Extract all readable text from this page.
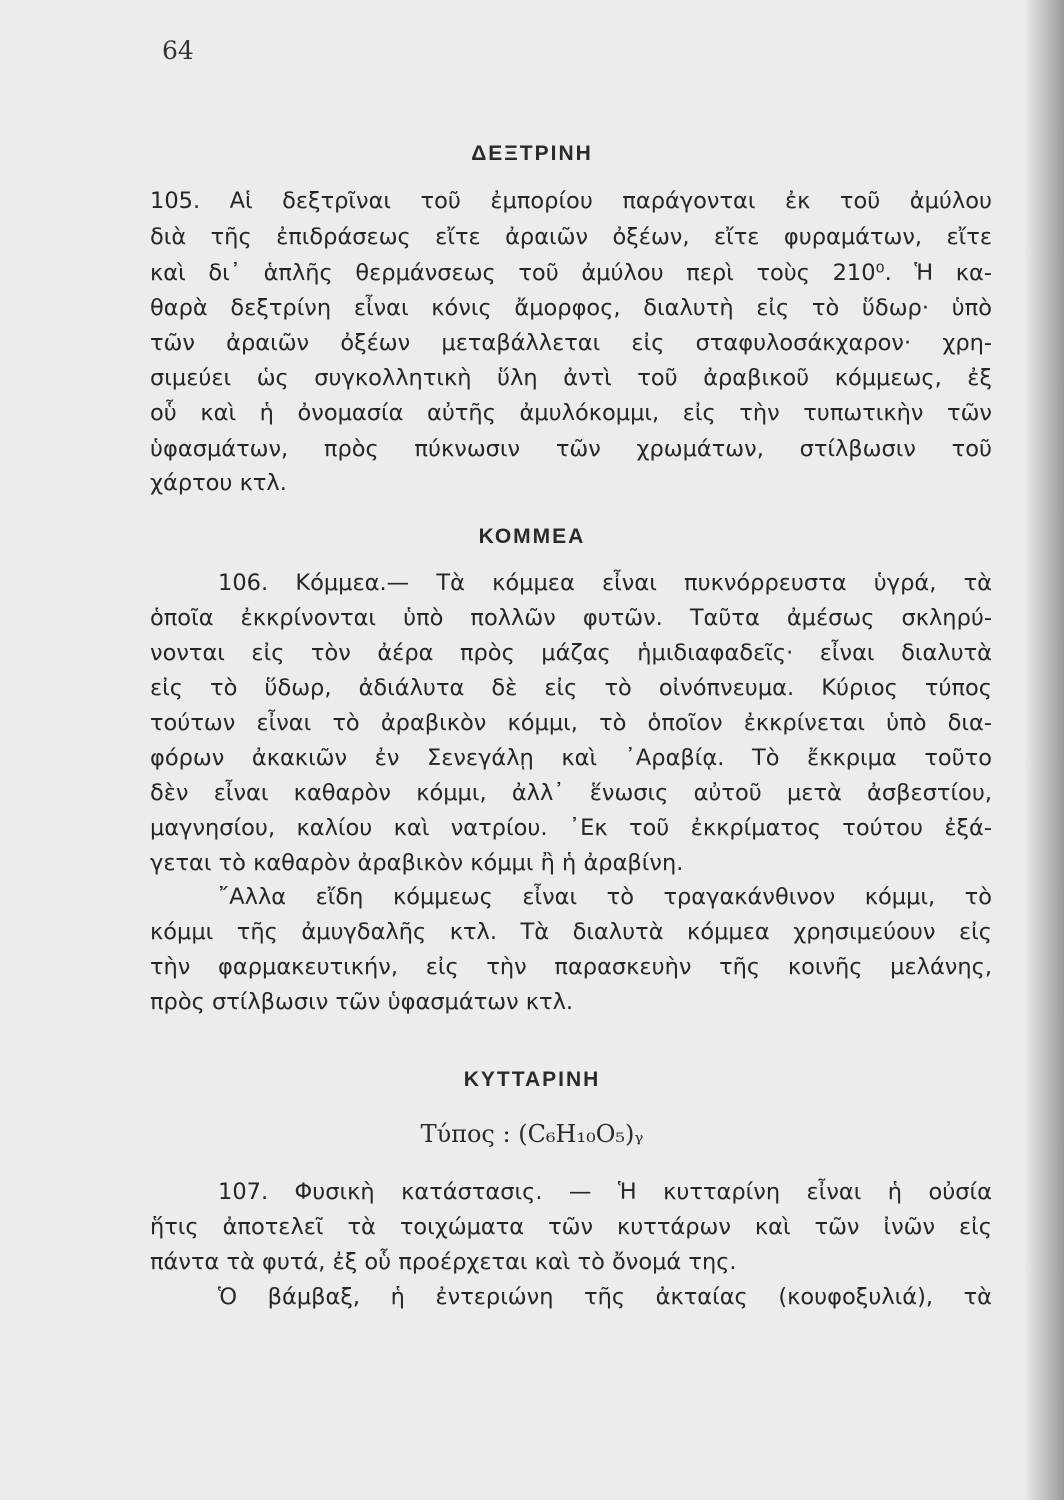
64
ΔΕΞΤΡΙΝΗ
105. Αἱ δεξτρῖναι τοῦ ἐμπορίου παράγονται ἐκ τοῦ ἀμύλου
διὰ τῆς ἐπιδράσεως εἴτε ἀραιῶν ὀξέων, εἴτε φυραμάτων, εἴτε
καὶ δι᾽ ἁπλῆς θερμάνσεως τοῦ ἀμύλου περὶ τοὺς 210⁰. Ἡ κα-
θαρὰ δεξτρίνη εἶναι κόνις ἄμορφος, διαλυτὴ εἰς τὸ ὕδωρ· ὑπὸ
τῶν ἀραιῶν ὀξέων μεταβάλλεται εἰς σταφυλοσάκχαρον· χρη-
σιμεύει ὡς συγκολλητικὴ ὕλη ἀντὶ τοῦ ἀραβικοῦ κόμμεως, ἐξ
οὗ καὶ ἡ ὀνομασία αὐτῆς ἀμυλόκομμι, εἰς τὴν τυπωτικὴν τῶν
ὑφασμάτων, πρὸς πύκνωσιν τῶν χρωμάτων, στίλβωσιν τοῦ
χάρτου κτλ.
ΚΟΜΜΕΑ
106. Κόμμεα.— Τὰ κόμμεα εἶναι πυκνόρρευστα ὑγρά, τὰ
ὁποῖα ἐκκρίνονται ὑπὸ πολλῶν φυτῶν. Ταῦτα ἀμέσως σκληρύ-
νονται εἰς τὸν ἀέρα πρὸς μάζας ἡμιδιαφαδεῖς· εἶναι διαλυτὰ
εἰς τὸ ὕδωρ, ἀδιάλυτα δὲ εἰς τὸ οἰνόπνευμα. Κύριος τύπος
τούτων εἶναι τὸ ἀραβικὸν κόμμι, τὸ ὁποῖον ἐκκρίνεται ὑπὸ δια-
φόρων ἀκακιῶν ἐν Σενεγάλῃ καὶ ᾽Αραβίᾳ. Τὸ ἔκκριμα τοῦτο
δὲν εἶναι καθαρὸν κόμμι, ἀλλ᾽ ἕνωσις αὐτοῦ μετὰ ἀσβεστίου,
μαγνησίου, καλίου καὶ νατρίου. ᾽Εκ τοῦ ἐκκρίματος τούτου ἐξά-
γεται τὸ καθαρὸν ἀραβικὸν κόμμι ἢ ἡ ἀραβίνη.
῎Αλλα εἴδη κόμμεως εἶναι τὸ τραγακάνθινον κόμμι, τὸ
κόμμι τῆς ἀμυγδαλῆς κτλ. Τὰ διαλυτὰ κόμμεα χρησιμεύουν εἰς
τὴν φαρμακευτικήν, εἰς τὴν παρασκευὴν τῆς κοινῆς μελάνης,
πρὸς στίλβωσιν τῶν ὑφασμάτων κτλ.
ΚΥΤΤΑΡΙΝΗ
Τύπος : (C₆H₁₀O₅)ᵧ
107. Φυσικὴ κατάστασις. — Ἡ κυτταρίνη εἶναι ἡ οὐσία
ἥτις ἀποτελεῖ τὰ τοιχώματα τῶν κυττάρων καὶ τῶν ἰνῶν εἰς
πάντα τὰ φυτά, ἐξ οὗ προέρχεται καὶ τὸ ὄνομά της.
Ὁ βάμβαξ, ἡ ἐντεριώνη τῆς ἀκταίας (κουφοξυλιά), τὰ
